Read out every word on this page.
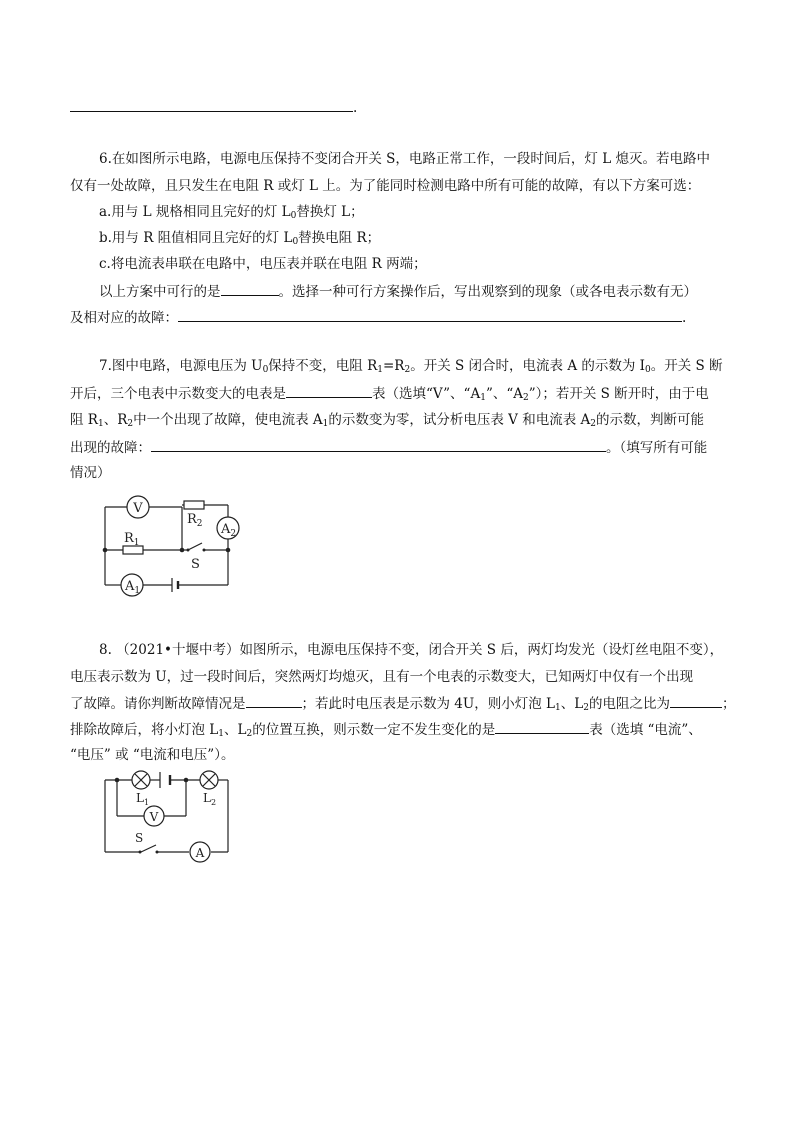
.
6.在如图所示电路，电源电压保持不变闭合开关 S，电路正常工作，一段时间后，灯 L 熄灭。若电路中
仅有一处故障，且只发生在电阻 R 或灯 L 上。为了能同时检测电路中所有可能的故障，有以下方案可选：
a.用与 L 规格相同且完好的灯 $L_0$替换灯 L；
b.用与 R 阻值相同且完好的灯 $L_0$替换电阻 R；
c.将电流表串联在电路中，电压表并联在电阻 R 两端；
以上方案中可行的是	。选择一种可行方案操作后，写出观察到的现象（或各电表示数有无）
及相对应的故障：	.
7.图中电路，电源电压为 $U_0$保持不变，电阻 $R_1=R_2$。开关 S 闭合时，电流表 A 的示数为 $I_0$。开关 S 断
开后，三个电表中示数变大的电表是	表（选填“V”、“$A_1$”、“$A_2$”）；若开关 S 断开时，由于电
阻 $R_1$、$R_2$中一个出现了故障，使电流表 $A_1$的示数变为零，试分析电压表 V 和电流表 $A_2$的示数，判断可能
出现的故障：	。（填写所有可能
情况）
V
$R_2$ $A_2$
$R_1$
S
$A_1$
8. （2021•十堰中考）如图所示，电源电压保持不变，闭合开关 S 后，两灯均发光（设灯丝电阻不变），
电压表示数为 U，过一段时间后，突然两灯均熄灭，且有一个电表的示数变大，已知两灯中仅有一个出现
了故障。请你判断故障情况是	；若此时电压表是示数为 4U，则小灯泡 $L_1$、$L_2$的电阻之比为	；
排除故障后，将小灯泡 $L_1$、$L_2$的位置互换，则示数一定不发生变化的是	表（选填 “电流”、
“电压” 或 “电流和电压”）。
$L_1$	$L_2$
V
S
A
